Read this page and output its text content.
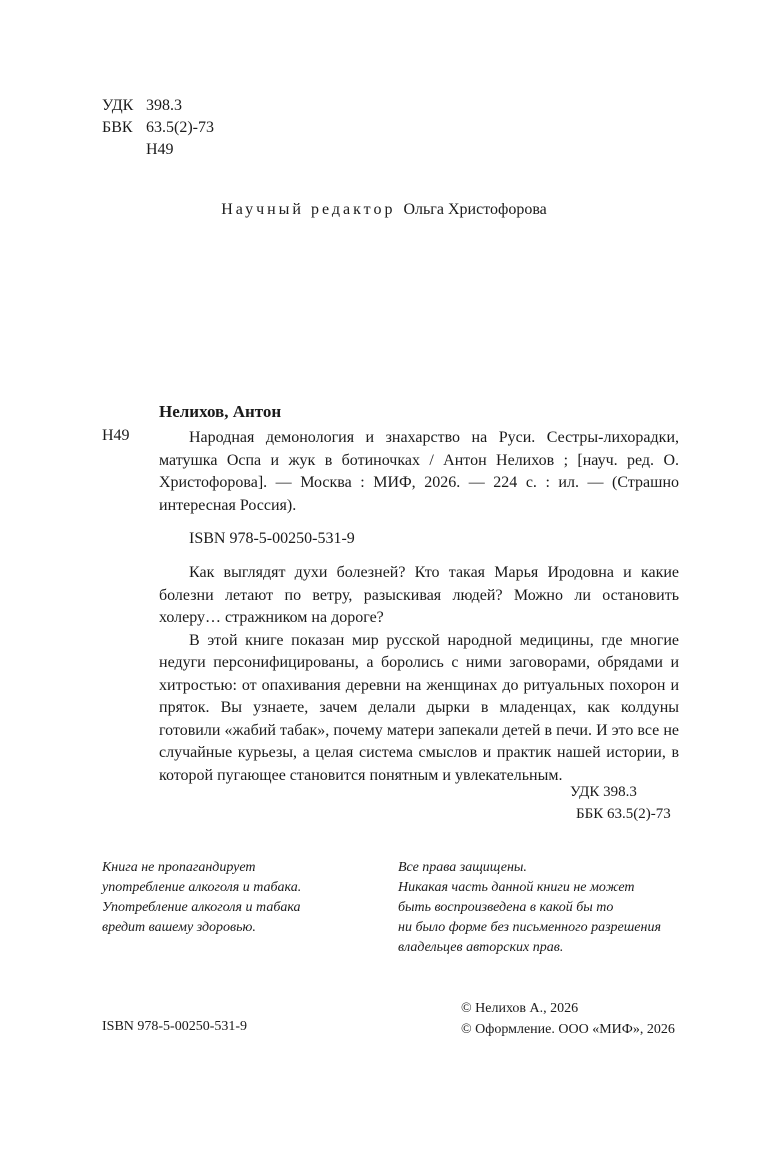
УДК 398.3
БВК 63.5(2)-73
Н49
Научный редактор Ольга Христофорова
Нелихов, Антон
Н49	Народная демонология и знахарство на Руси. Сестры-лихорадки, матушка Оспа и жук в ботиночках / Антон Нелихов ; [науч. ред. О. Христофорова]. — Москва : МИФ, 2026. — 224 с. : ил. — (Страшно интересная Россия).

ISBN 978-5-00250-531-9

Как выглядят духи болезней? Кто такая Марья Иродовна и какие болезни летают по ветру, разыскивая людей? Можно ли остановить холеру… стражником на дороге?

В этой книге показан мир русской народной медицины, где многие недуги персонифицированы, а боролись с ними заговорами, обрядами и хитростью: от опахивания деревни на женщинах до ритуальных похорон и пряток. Вы узнаете, зачем делали дырки в младенцах, как колдуны готовили «жабий табак», почему матери запекали детей в печи. И это все не случайные курьезы, а целая система смыслов и практик нашей истории, в которой пугающее становится понятным и увлекательным.

УДК 398.3
ББК 63.5(2)-73
Книга не пропагандирует
употребление алкоголя и табака.
Употребление алкоголя и табака
вредит вашему здоровью.
Все права защищены.
Никакая часть данной книги не может
быть воспроизведена в какой бы то
ни было форме без письменного разрешения
владельцев авторских прав.
© Нелихов А., 2026
© Оформление. ООО «МИФ», 2026
ISBN 978-5-00250-531-9
